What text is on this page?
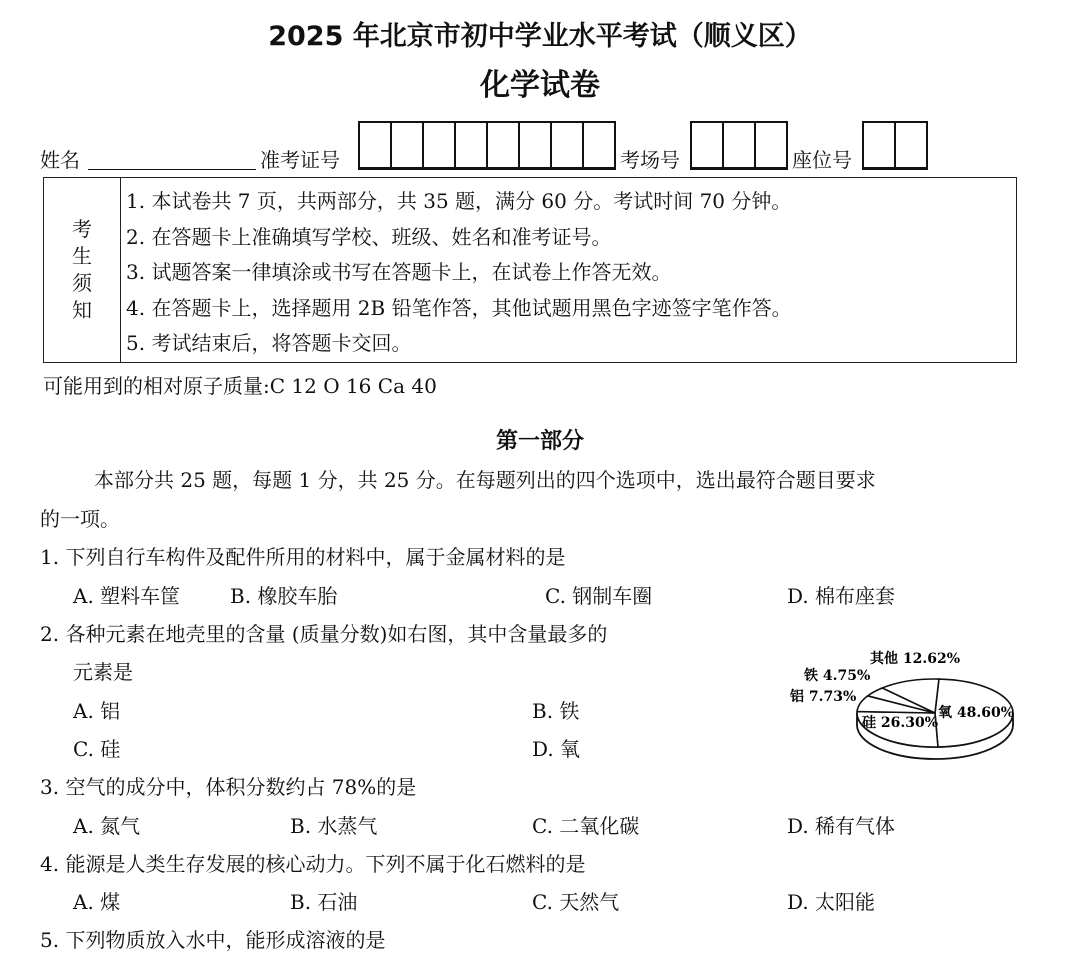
2025 年北京市初中学业水平考试（顺义区）
化学试卷
姓名	准考证号	考场号	座位号
考
生
须
知
1. 本试卷共 7 页，共两部分，共 35 题，满分 60 分。考试时间 70 分钟。
2. 在答题卡上准确填写学校、班级、姓名和准考证号。
3. 试题答案一律填涂或书写在答题卡上，在试卷上作答无效。
4. 在答题卡上，选择题用 2B 铅笔作答，其他试题用黑色字迹签字笔作答。
5. 考试结束后，将答题卡交回。
可能用到的相对原子质量:C 12 O 16 Ca 40
第一部分
本部分共 25 题，每题 1 分，共 25 分。在每题列出的四个选项中，选出最符合题目要求
的一项。
1. 下列自行车构件及配件所用的材料中，属于金属材料的是
A. 塑料车筐 B. 橡胶车胎	C. 钢制车圈	D. 棉布座套
2. 各种元素在地壳里的含量 (质量分数)如右图，其中含量最多的
元素是
A. 铝	B. 铁
C. 硅	D. 氧
氧 48.60%
硅 26.30%
铝 7.73%
铁 4.75%
其他 12.62%
3. 空气的成分中，体积分数约占 78%的是
A. 氮气	B. 水蒸气	C. 二氧化碳	D. 稀有气体
4. 能源是人类生存发展的核心动力。下列不属于化石燃料的是
A. 煤	B. 石油	C. 天然气	D. 太阳能
5. 下列物质放入水中，能形成溶液的是
